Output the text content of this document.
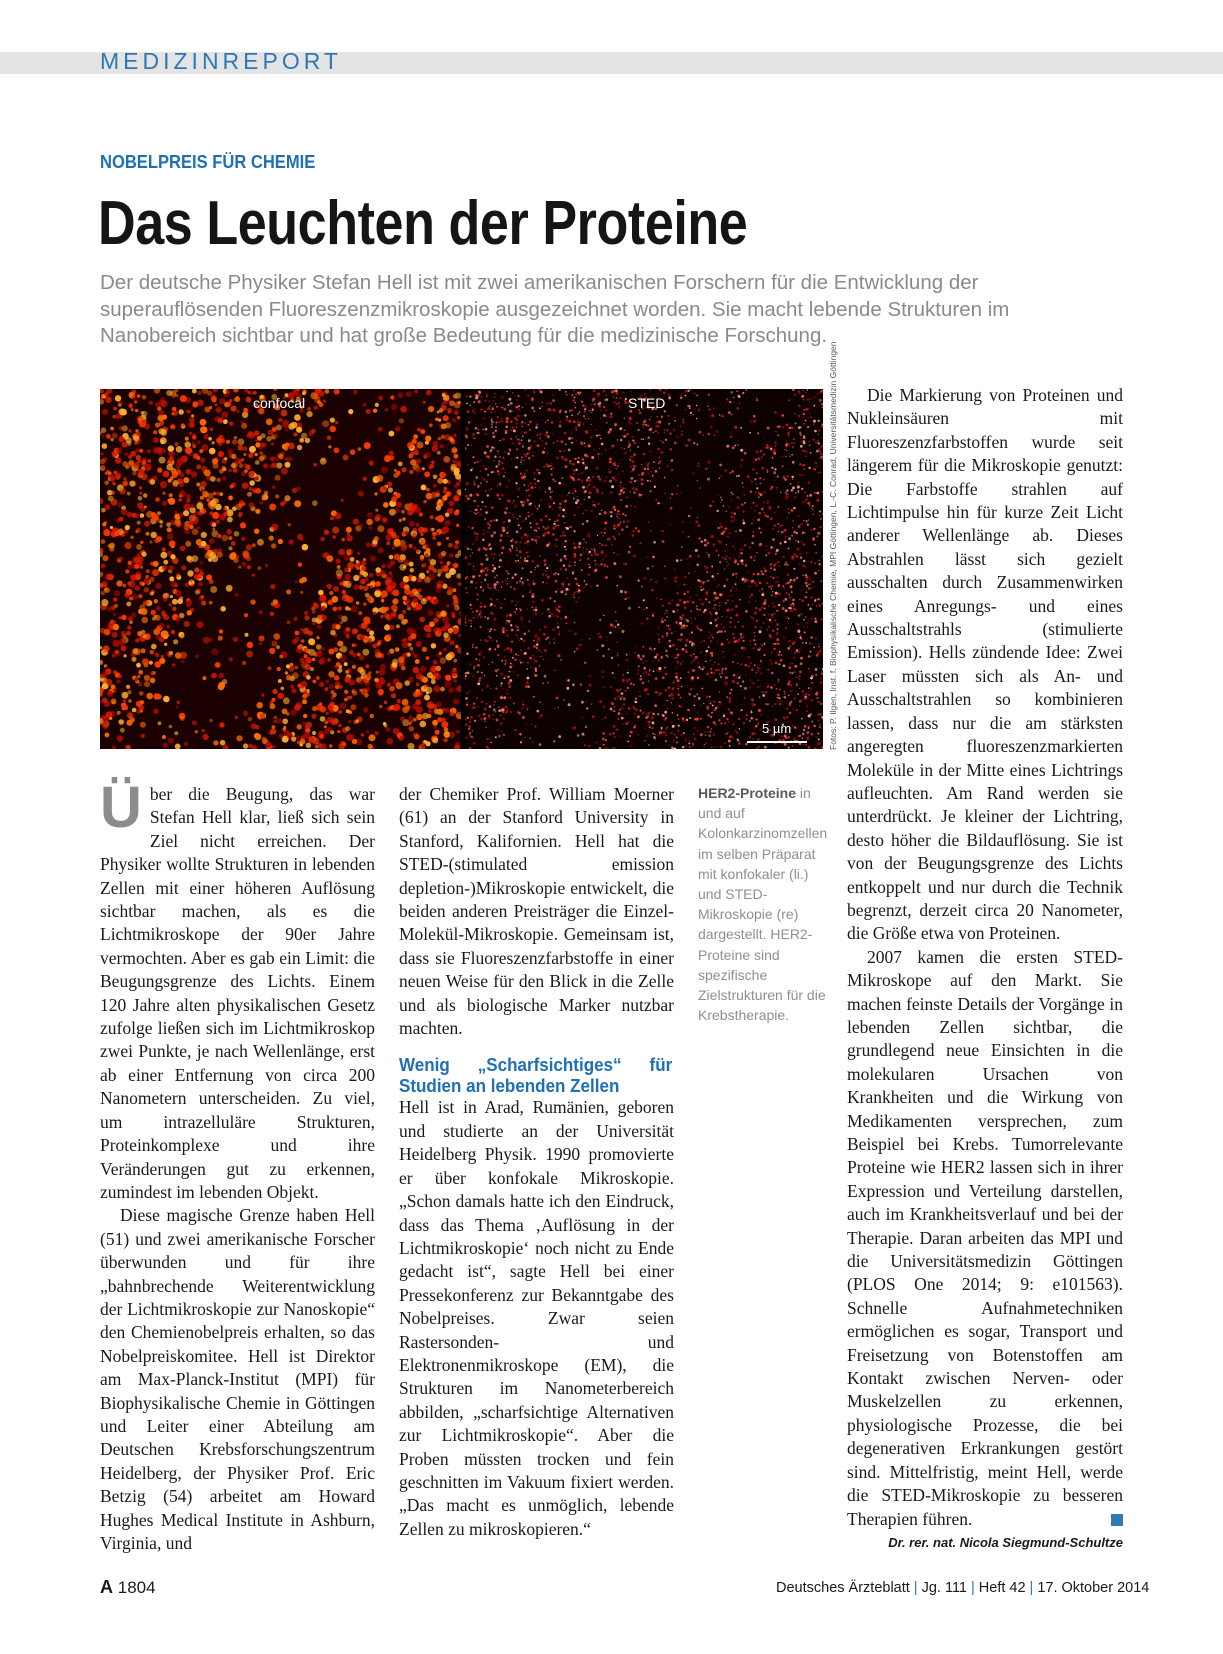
MEDIZINREPORT
NOBELPREIS FÜR CHEMIE
Das Leuchten der Proteine
Der deutsche Physiker Stefan Hell ist mit zwei amerikanischen Forschern für die Entwicklung der superauflösenden Fluoreszenzmikroskopie ausgezeichnet worden. Sie macht lebende Strukturen im Nanobereich sichtbar und hat große Bedeutung für die medizinische Forschung.
confocal	STED
5 µm	Fotos: P. Ilgen, Inst. f. Biophysikalische Chemie, MPI Göttingen, L.-C. Conrad, Universitätsmedizin Göttingen

Ü ber die Beugung, das war Stefan Hell klar, ließ sich sein Ziel nicht erreichen. Der Physiker wollte Strukturen in lebenden Zellen mit einer höheren Auflösung sichtbar machen, als es die Lichtmikroskope der 90er Jahre vermochten. Aber es gab ein Limit: die Beugungsgrenze des Lichts. Einem 120 Jahre alten physikalischen Gesetz zufolge ließen sich im Lichtmikroskop zwei Punkte, je nach Wellenlänge, erst ab einer Entfernung von circa 200 Nanometern unterscheiden. Zu viel, um intrazelluläre Strukturen, Proteinkomplexe und ihre Veränderungen gut zu erkennen, zumindest im lebenden Objekt.

Diese magische Grenze haben Hell (51) und zwei amerikanische Forscher überwunden und für ihre „bahnbrechende Weiterentwicklung der Lichtmikroskopie zur Nanoskopie“ den Chemienobelpreis erhalten, so das Nobelpreiskomitee. Hell ist Direktor am Max-Planck-Institut (MPI) für Biophysikalische Chemie in Göttingen und Leiter einer Abteilung am Deutschen Krebsforschungszentrum Heidelberg, der Physiker Prof. Eric Betzig (54) arbeitet am Howard Hughes Medical Institute in Ashburn, Virginia, und

der Chemiker Prof. William Moerner (61) an der Stanford University in Stanford, Kalifornien. Hell hat die STED-(stimulated emission depletion-)Mikroskopie entwickelt, die beiden anderen Preisträger die Einzel-Molekül-Mikroskopie. Gemeinsam ist, dass sie Fluoreszenzfarbstoffe in einer neuen Weise für den Blick in die Zelle und als biologische Marker nutzbar machten.

Wenig „Scharfsichtiges“ für Studien an lebenden Zellen

Hell ist in Arad, Rumänien, geboren und studierte an der Universität Heidelberg Physik. 1990 promovierte er über konfokale Mikroskopie. „Schon damals hatte ich den Eindruck, dass das Thema ‚Auflösung in der Lichtmikroskopie‘ noch nicht zu Ende gedacht ist“, sagte Hell bei einer Pressekonferenz zur Bekanntgabe des Nobelpreises. Zwar seien Rastersonden- und Elektronenmikroskope (EM), die Strukturen im Nanometerbereich abbilden, „scharfsichtige Alternativen zur Lichtmikroskopie“. Aber die Proben müssten trocken und fein geschnitten im Vakuum fixiert werden. „Das macht es unmöglich, lebende Zellen zu mikroskopieren.“

HER2-Proteine in und auf Kolonkarzinomzellen im selben Präparat mit konfokaler (li.) und STED-Mikroskopie (re) dargestellt. HER2-Proteine sind spezifische Zielstrukturen für die Krebstherapie.

Die Markierung von Proteinen und Nukleinsäuren mit Fluoreszenzfarbstoffen wurde seit längerem für die Mikroskopie genutzt: Die Farbstoffe strahlen auf Lichtimpulse hin für kurze Zeit Licht anderer Wellenlänge ab. Dieses Abstrahlen lässt sich gezielt ausschalten durch Zusammenwirken eines Anregungs- und eines Ausschaltstrahls (stimulierte Emission). Hells zündende Idee: Zwei Laser müssten sich als An- und Ausschaltstrahlen so kombinieren lassen, dass nur die am stärksten angeregten fluoreszenzmarkierten Moleküle in der Mitte eines Lichtrings aufleuchten. Am Rand werden sie unterdrückt. Je kleiner der Lichtring, desto höher die Bildauflösung. Sie ist von der Beugungsgrenze des Lichts entkoppelt und nur durch die Technik begrenzt, derzeit circa 20 Nanometer, die Größe etwa von Proteinen.

2007 kamen die ersten STED-Mikroskope auf den Markt. Sie machen feinste Details der Vorgänge in lebenden Zellen sichtbar, die grundlegend neue Einsichten in die molekularen Ursachen von Krankheiten und die Wirkung von Medikamenten versprechen, zum Beispiel bei Krebs. Tumorrelevante Proteine wie HER2 lassen sich in ihrer Expression und Verteilung darstellen, auch im Krankheitsverlauf und bei der Therapie. Daran arbeiten das MPI und die Universitätsmedizin Göttingen (PLOS One 2014; 9: e101563). Schnelle Aufnahmetechniken ermöglichen es sogar, Transport und Freisetzung von Botenstoffen am Kontakt zwischen Nerven- oder Muskelzellen zu erkennen, physiologische Prozesse, die bei degenerativen Erkrankungen gestört sind. Mittelfristig, meint Hell, werde die STED-Mikroskopie zu besseren Therapien führen.

Dr. rer. nat. Nicola Siegmund-Schultze
A 1804	Deutsches Ärzteblatt | Jg. 111 | Heft 42 | 17. Oktober 2014
